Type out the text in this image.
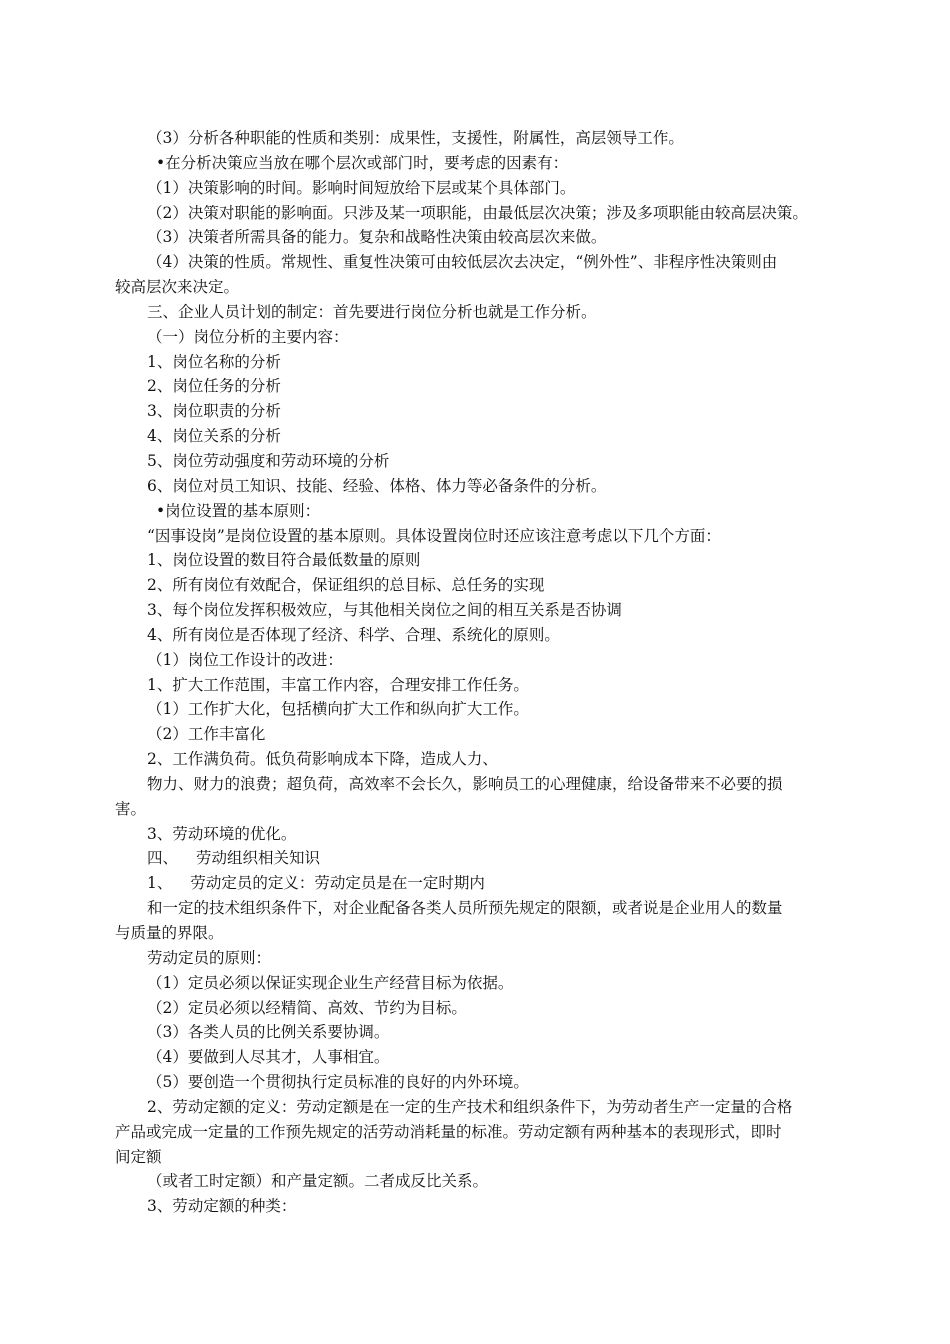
（3）分析各种职能的性质和类别：成果性，支援性，附属性，高层领导工作。
•在分析决策应当放在哪个层次或部门时，要考虑的因素有：
（1）决策影响的时间。影响时间短放给下层或某个具体部门。
（2）决策对职能的影响面。只涉及某一项职能，由最低层次决策；涉及多项职能由较高层决策。
（3）决策者所需具备的能力。复杂和战略性决策由较高层次来做。
（4）决策的性质。常规性、重复性决策可由较低层次去决定，“例外性”、非程序性决策则由
较高层次来决定。
三、企业人员计划的制定：首先要进行岗位分析也就是工作分析。
（一）岗位分析的主要内容：
1、岗位名称的分析
2、岗位任务的分析
3、岗位职责的分析
4、岗位关系的分析
5、岗位劳动强度和劳动环境的分析
6、岗位对员工知识、技能、经验、体格、体力等必备条件的分析。
•岗位设置的基本原则：
“因事设岗”是岗位设置的基本原则。具体设置岗位时还应该注意考虑以下几个方面：
1、岗位设置的数目符合最低数量的原则
2、所有岗位有效配合，保证组织的总目标、总任务的实现
3、每个岗位发挥积极效应，与其他相关岗位之间的相互关系是否协调
4、所有岗位是否体现了经济、科学、合理、系统化的原则。
（1）岗位工作设计的改进：
1、扩大工作范围，丰富工作内容，合理安排工作任务。
（1）工作扩大化，包括横向扩大工作和纵向扩大工作。
（2）工作丰富化
2、工作满负荷。低负荷影响成本下降，造成人力、
物力、财力的浪费；超负荷，高效率不会长久，影响员工的心理健康，给设备带来不必要的损
害。
3、劳动环境的优化。
四、 劳动组织相关知识
1、 劳动定员的定义：劳动定员是在一定时期内
和一定的技术组织条件下，对企业配备各类人员所预先规定的限额，或者说是企业用人的数量
与质量的界限。
劳动定员的原则：
（1）定员必须以保证实现企业生产经营目标为依据。
（2）定员必须以经精简、高效、节约为目标。
（3）各类人员的比例关系要协调。
（4）要做到人尽其才，人事相宜。
（5）要创造一个贯彻执行定员标准的良好的内外环境。
2、劳动定额的定义：劳动定额是在一定的生产技术和组织条件下，为劳动者生产一定量的合格
产品或完成一定量的工作预先规定的活劳动消耗量的标准。劳动定额有两种基本的表现形式，即时
间定额
（或者工时定额）和产量定额。二者成反比关系。
3、劳动定额的种类：
